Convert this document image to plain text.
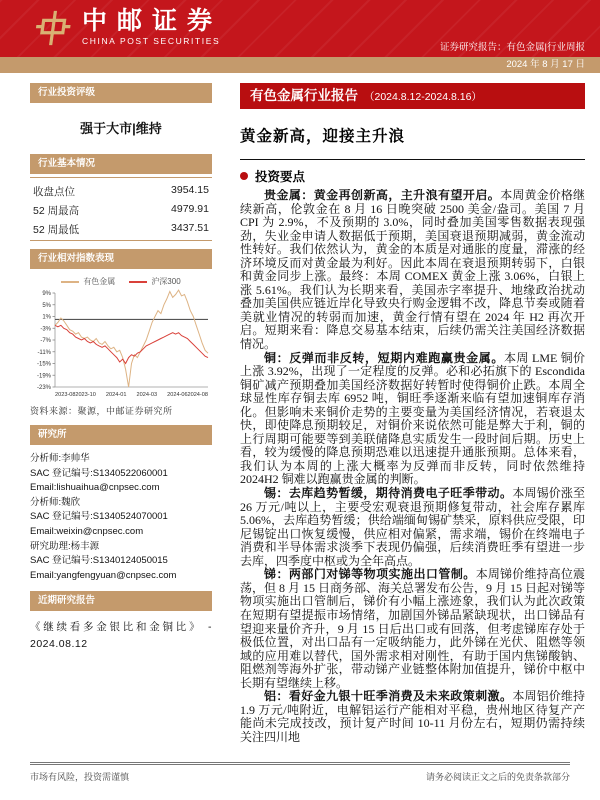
中邮证券
CHINA POST SECURITIES
证券研究报告：有色金属|行业周报
2024 年 8 月 17 日
行业投资评级
强于大市|维持
行业基本情况
收盘点位	3954.15
52 周最高	4979.91
52 周最低	3437.51
行业相对指数表现
有色金属	沪深300
9%
5%
1%
-3%
-7%
-11%
-15%
-19%
-23%
2023-08 2023-10 2024-01 2024-03 2024-06 2024-08
资料来源：聚源，中邮证券研究所
研究所
分析师:李帅华
SAC 登记编号:S1340522060001
Email:lishuaihua@cnpsec.com
分析师:魏欣
SAC 登记编号:S1340524070001
Email:weixin@cnpsec.com
研究助理:杨丰源
SAC 登记编号:S1340124050015
Email:yangfengyuan@cnpsec.com
近期研究报告
《继续看多金银比和金铜比》 - 2024.08.12
有色金属行业报告 （2024.8.12-2024.8.16）
黄金新高，迎接主升浪
投资要点

贵金属：黄金再创新高，主升浪有望开启。本周黄金价格继续新高，伦敦金在 8 月 16 日晚突破 2500 美金/盎司。美国 7 月 CPI 为 2.9%，不及预期的 3.0%，同时叠加美国零售数据表现强劲，失业金申请人数据低于预期，美国衰退预期减弱，黄金流动性转好。我们依然认为，黄金的本质是对通胀的度量，滞涨的经济环境反而对黄金最为利好。因此本周在衰退预期转弱下，白银和黄金同步上涨。最终：本周 COMEX 黄金上涨 3.06%，白银上涨 5.61%。我们认为长期来看，美国赤字率提升、地缘政治扰动叠加美国供应链近岸化导致央行购金逻辑不改，降息节奏或随着美就业情况的转弱而加速，黄金行情有望在 2024 年 H2 再次开启。短期来看：降息交易基本结束，后续仍需关注美国经济数据情况。

铜：反弹而非反转，短期内难跑赢贵金属。本周 LME 铜价上涨 3.92%，出现了一定程度的反弹。必和必拓旗下的 Escondida 铜矿减产预期叠加美国经济数据好转暂时使得铜价止跌。本周全球显性库存铜去库 6952 吨，铜旺季逐渐来临有望加速铜库存消化。但影响未来铜价走势的主要变量为美国经济情况，若衰退太快，即使降息预期较足，对铜价来说依然可能是弊大于利，铜的上行周期可能要等到美联储降息实质发生一段时间后期。历史上看，较为缓慢的降息预期恐难以迅速提升通胀预期。总体来看，我们认为本周的上涨大概率为反弹而非反转，同时依然维持 2024H2 铜难以跑赢贵金属的判断。

锡：去库趋势暂缓，期待消费电子旺季带动。本周锡价涨至 26 万元/吨以上，主要受宏观衰退预期修复带动，社会库存累库 5.06%，去库趋势暂缓；供给端缅甸锡矿禁采，原料供应受限，印尼锡锭出口恢复缓慢，供应相对偏紧，需求端，锡价在终端电子消费和半导体需求淡季下表现仍偏强，后续消费旺季有望进一步去库，四季度中枢或为全年高点。

锑：两部门对锑等物项实施出口管制。本周锑价维持高位震荡，但 8 月 15 日商务部、海关总署发布公告，9 月 15 日起对锑等物项实施出口管制后，锑价有小幅上涨迹象，我们认为此次政策在短期有望提振市场情绪，加剧国外锑品紧缺现状，出口锑品有望迎来量价齐升，9 月 15 日后出口或有回落，但考虑锑库存处于极低位置，对出口品有一定吸纳能力，此外锑在光伏、阻燃等领域的应用难以替代，国外需求相对刚性，有助于国内焦锑酸钠、阻燃剂等海外扩张，带动锑产业链整体附加值提升，锑价中枢中长期有望继续上移。

铝：看好金九银十旺季消费及未来政策刺激。本周铝价维持 1.9 万元/吨附近，电解铝运行产能相对平稳，贵州地区待复产产能尚未完成技改，预计复产时间 10-11 月份左右，短期仍需持续关注四川地

市场有风险，投资需谨慎	请务必阅读正文之后的免责条款部分
